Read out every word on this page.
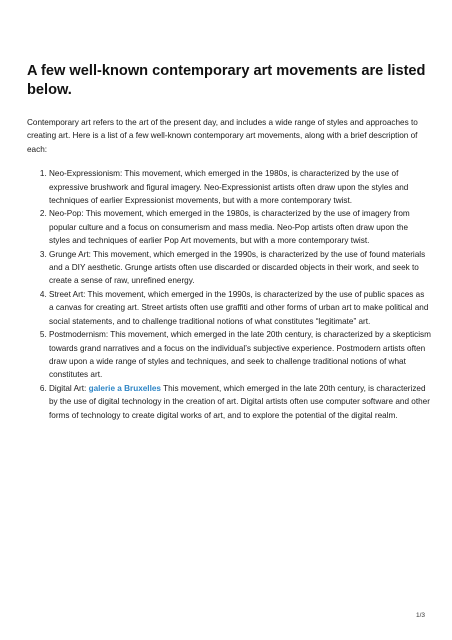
A few well-known contemporary art movements are listed below.

Contemporary art refers to the art of the present day, and includes a wide range of styles and approaches to creating art. Here is a list of a few well-known contemporary art movements, along with a brief description of each:

1. Neo-Expressionism: This movement, which emerged in the 1980s, is characterized by the use of expressive brushwork and figural imagery. Neo-Expressionist artists often draw upon the styles and techniques of earlier Expressionist movements, but with a more contemporary twist.
2. Neo-Pop: This movement, which emerged in the 1980s, is characterized by the use of imagery from popular culture and a focus on consumerism and mass media. Neo-Pop artists often draw upon the styles and techniques of earlier Pop Art movements, but with a more contemporary twist.
3. Grunge Art: This movement, which emerged in the 1990s, is characterized by the use of found materials and a DIY aesthetic. Grunge artists often use discarded or discarded objects in their work, and seek to create a sense of raw, unrefined energy.
4. Street Art: This movement, which emerged in the 1990s, is characterized by the use of public spaces as a canvas for creating art. Street artists often use graffiti and other forms of urban art to make political and social statements, and to challenge traditional notions of what constitutes “legitimate” art.
5. Postmodernism: This movement, which emerged in the late 20th century, is characterized by a skepticism towards grand narratives and a focus on the individual’s subjective experience. Postmodern artists often draw upon a wide range of styles and techniques, and seek to challenge traditional notions of what constitutes art.
6. Digital Art: galerie a Bruxelles This movement, which emerged in the late 20th century, is characterized by the use of digital technology in the creation of art. Digital artists often use computer software and other forms of technology to create digital works of art, and to explore the potential of the digital realm.
1/3
